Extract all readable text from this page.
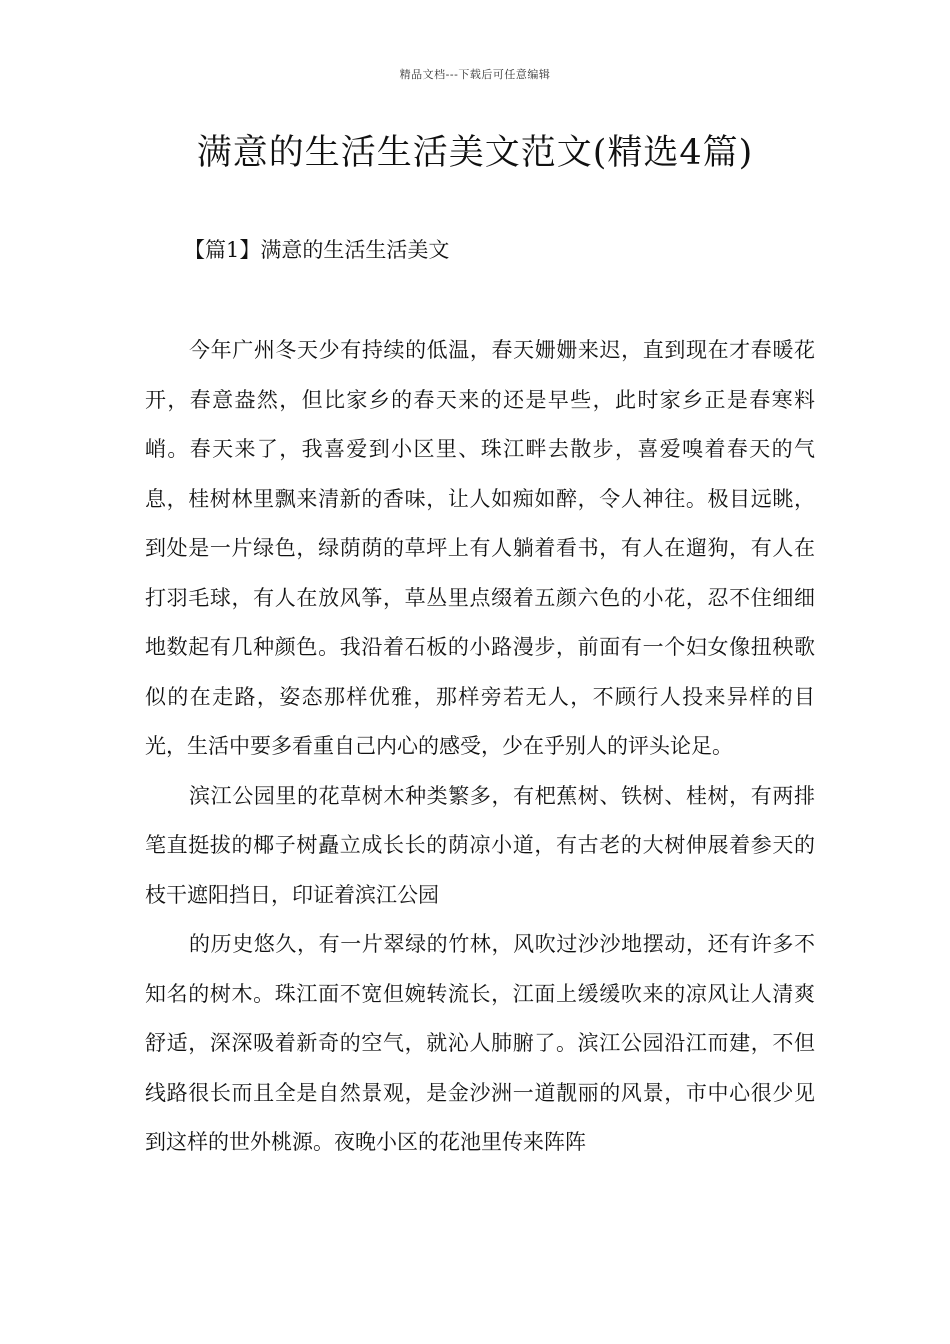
精品文档---下载后可任意编辑
满意的生活生活美文范文(精选4篇)
【篇1】满意的生活生活美文

今年广州冬天少有持续的低温，春天姗姗来迟，直到现在才春暖花开，春意盎然，但比家乡的春天来的还是早些，此时家乡正是春寒料峭。春天来了，我喜爱到小区里、珠江畔去散步，喜爱嗅着春天的气息，桂树林里飘来清新的香味，让人如痴如醉，令人神往。极目远眺，到处是一片绿色，绿荫荫的草坪上有人躺着看书，有人在遛狗，有人在打羽毛球，有人在放风筝，草丛里点缀着五颜六色的小花，忍不住细细地数起有几种颜色。我沿着石板的小路漫步，前面有一个妇女像扭秧歌似的在走路，姿态那样优雅，那样旁若无人，不顾行人投来异样的目光，生活中要多看重自己内心的感受，少在乎别人的评头论足。

滨江公园里的花草树木种类繁多，有杷蕉树、铁树、桂树，有两排笔直挺拔的椰子树矗立成长长的荫凉小道，有古老的大树伸展着参天的枝干遮阳挡日，印证着滨江公园

的历史悠久，有一片翠绿的竹林，风吹过沙沙地摆动，还有许多不知名的树木。珠江面不宽但婉转流长，江面上缓缓吹来的凉风让人清爽舒适，深深吸着新奇的空气，就沁人肺腑了。滨江公园沿江而建，不但线路很长而且全是自然景观，是金沙洲一道靓丽的风景，市中心很少见到这样的世外桃源。夜晚小区的花池里传来阵阵
